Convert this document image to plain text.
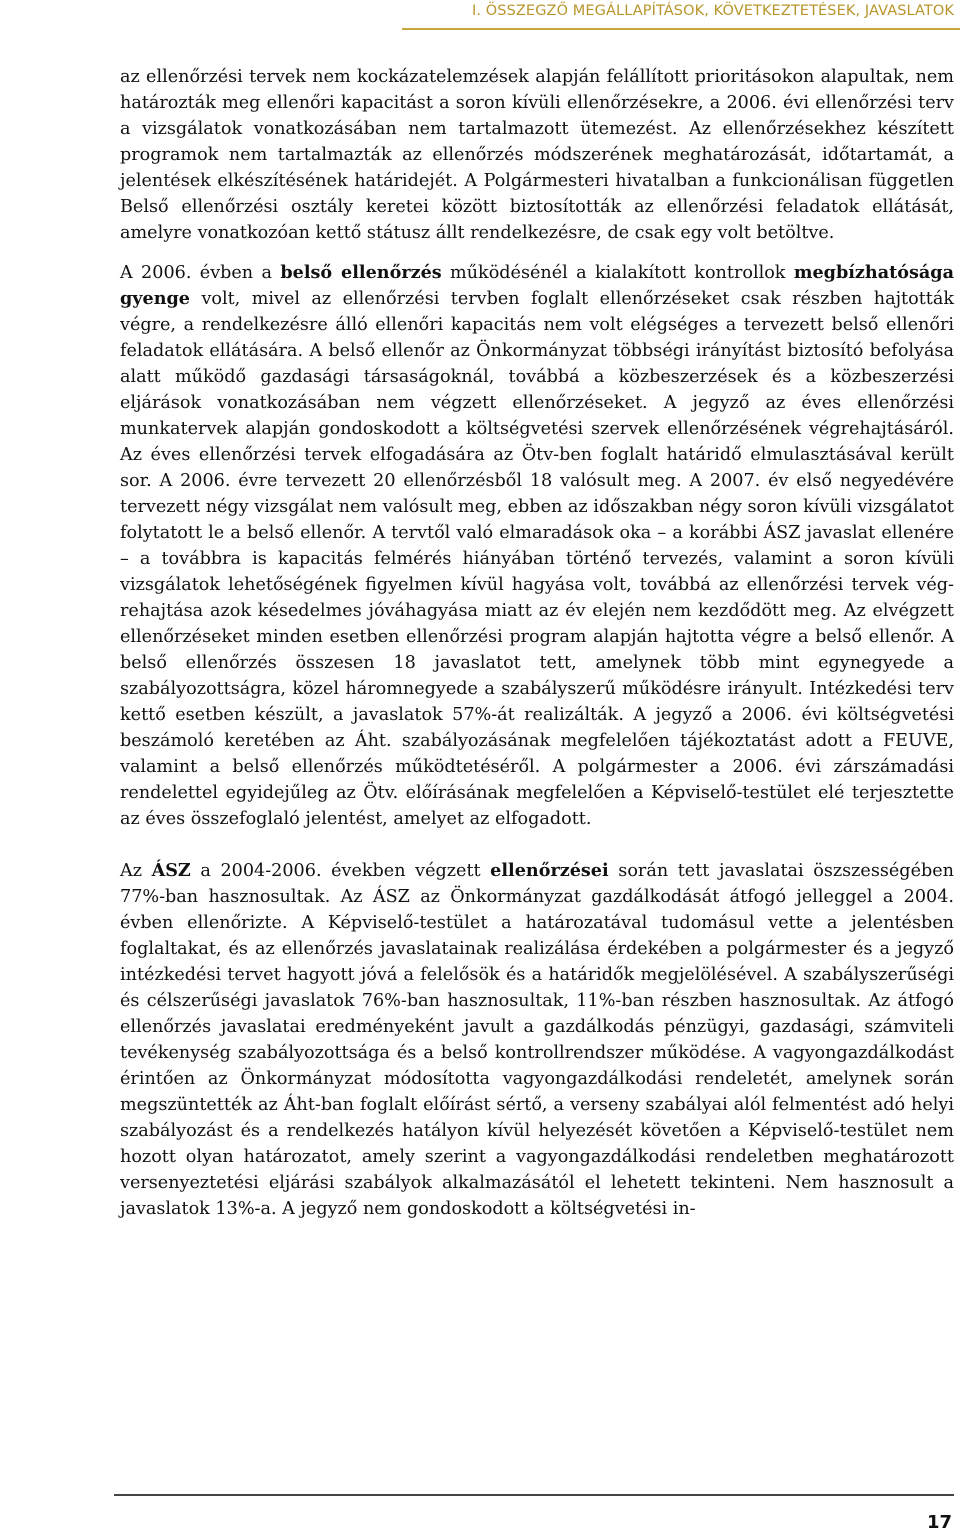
I. ÖSSZEGZŐ MEGÁLLAPÍTÁSOK, KÖVETKEZTETÉSEK, JAVASLATOK

az ellenőrzési tervek nem kockázatelemzések alapján felállított prioritásokon alapultak, nem határozták meg ellenőri kapacitást a soron kívüli ellenőrzésekre, a 2006. évi ellenőrzési terv a vizsgálatok vonatkozásában nem tartalmazott ütemezést. Az ellenőrzésekhez készített programok nem tartalmazták az ellenőrzés módszerének meghatározását, időtartamát, a jelentések elkészítésének határidejét. A Polgármesteri hivatalban a funkcionálisan független Belső ellenőrzési osztály keretei között biztosították az ellenőrzési feladatok ellátását, amelyre vonatkozóan kettő státusz állt rendelkezésre, de csak egy volt betöltve.

A 2006. évben a belső ellenőrzés működésénél a kialakított kontrollok megbízhatósága gyenge volt, mivel az ellenőrzési tervben foglalt ellenőrzéseket csak részben hajtották végre, a rendelkezésre álló ellenőri kapacitás nem volt elégséges a tervezett belső ellenőri feladatok ellátására. A belső ellenőr az Önkormányzat többségi irányítást biztosító befolyása alatt működő gazdasági társaságoknál, továbbá a közbeszerzések és a közbeszerzési eljárások vonatkozásában nem végzett ellenőrzéseket. A jegyző az éves ellenőrzési munkatervek alapján gondoskodott a költségvetési szervek ellenőrzésének végrehajtásáról. Az éves ellenőrzési tervek elfogadására az Ötv-ben foglalt határidő elmulasztásával került sor. A 2006. évre tervezett 20 ellenőrzésből 18 valósult meg. A 2007. év első negyedévére tervezett négy vizsgálat nem valósult meg, ebben az időszakban négy soron kívüli vizsgálatot folytatott le a belső ellenőr. A tervtől való elmaradások oka – a korábbi ÁSZ javaslat ellenére – a továbbra is kapacitás felmérés hiányában történő tervezés, valamint a soron kívüli vizsgálatok lehetőségének figyelmen kívül hagyása volt, továbbá az ellenőrzési tervek végrehajtása azok késedelmes jóváhagyása miatt az év elején nem kezdődött meg. Az elvégzett ellenőrzéseket minden esetben ellenőrzési program alapján hajtotta végre a belső ellenőr. A belső ellenőrzés összesen 18 javaslatot tett, amelynek több mint egynegyede a szabályozottságra, közel háromnegyede a szabályszerű működésre irányult. Intézkedési terv kettő esetben készült, a javaslatok 57%-át realizálták. A jegyző a 2006. évi költségvetési beszámoló keretében az Áht. szabályozásának megfelelően tájékoztatást adott a FEUVE, valamint a belső ellenőrzés működtetéséről. A polgármester a 2006. évi zárszámadási rendelettel egyidejűleg az Ötv. előírásának megfelelően a Képviselő-testület elé terjesztette az éves összefoglaló jelentést, amelyet az elfogadott.

Az ÁSZ a 2004-2006. években végzett ellenőrzései során tett javaslatai öszszességében 77%-ban hasznosultak. Az ÁSZ az Önkormányzat gazdálkodását átfogó jelleggel a 2004. évben ellenőrizte. A Képviselő-testület a határozatával tudomásul vette a jelentésben foglaltakat, és az ellenőrzés javaslatainak realizálása érdekében a polgármester és a jegyző intézkedési tervet hagyott jóvá a felelősök és a határidők megjelölésével. A szabályszerűségi és célszerűségi javaslatok 76%-ban hasznosultak, 11%-ban részben hasznosultak. Az átfogó ellenőrzés javaslatai eredményeként javult a gazdálkodás pénzügyi, gazdasági, számviteli tevékenység szabályozottsága és a belső kontrollrendszer működése. A vagyongazdálkodást érintően az Önkormányzat módosította vagyongazdálkodási rendeletét, amelynek során megszüntették az Áht-ban foglalt előírást sértő, a verseny szabályai alól felmentést adó helyi szabályozást és a rendelkezés hatályon kívül helyezését követően a Képviselő-testület nem hozott olyan határozatot, amely szerint a vagyongazdálkodási rendeletben meghatározott versenyeztetési eljárási szabályok alkalmazásától el lehetett tekinteni. Nem hasznosult a javaslatok 13%-a. A jegyző nem gondoskodott a költségvetési in-

17
